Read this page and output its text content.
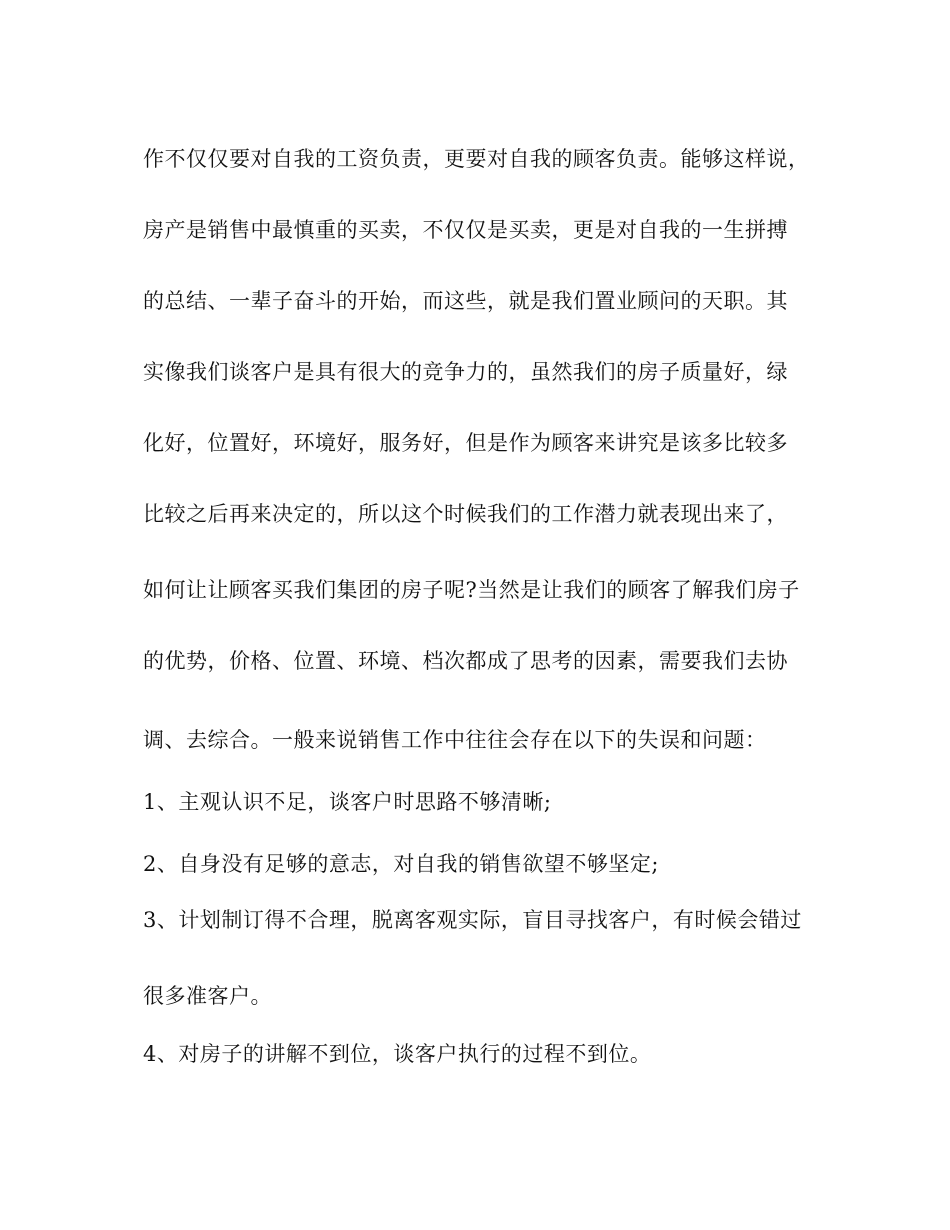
作不仅仅要对自我的工资负责，更要对自我的顾客负责。能够这样说，
房产是销售中最慎重的买卖，不仅仅是买卖，更是对自我的一生拼搏
的总结、一辈子奋斗的开始，而这些，就是我们置业顾问的天职。其
实像我们谈客户是具有很大的竞争力的，虽然我们的房子质量好，绿
化好，位置好，环境好，服务好，但是作为顾客来讲究是该多比较多
比较之后再来决定的，所以这个时候我们的工作潜力就表现出来了，
如何让让顾客买我们集团的房子呢?当然是让我们的顾客了解我们房子
的优势，价格、位置、环境、档次都成了思考的因素，需要我们去协
调、去综合。一般来说销售工作中往往会存在以下的失误和问题：
1、主观认识不足，谈客户时思路不够清晰;
2、自身没有足够的意志，对自我的销售欲望不够坚定;
3、计划制订得不合理，脱离客观实际，盲目寻找客户，有时候会错过
很多准客户。
4、对房子的讲解不到位，谈客户执行的过程不到位。
